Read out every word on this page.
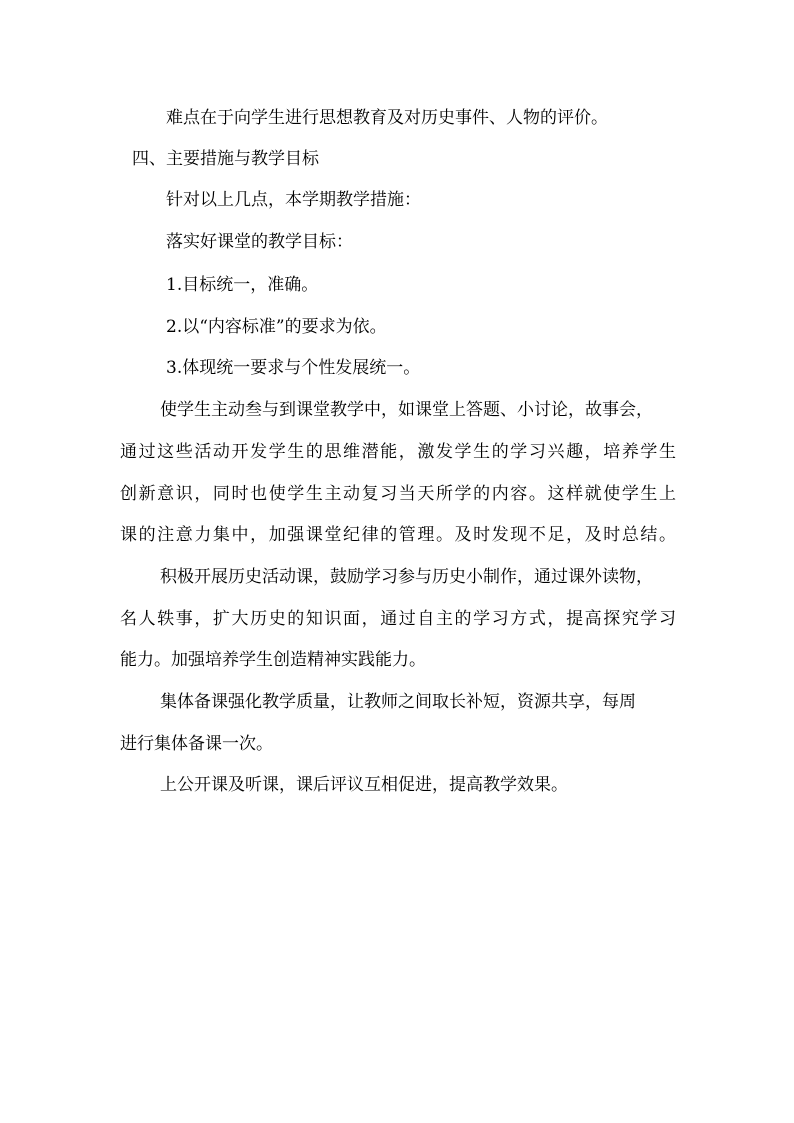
难点在于向学生进行思想教育及对历史事件、人物的评价。

四、主要措施与教学目标

针对以上几点，本学期教学措施：

落实好课堂的教学目标：

1.目标统一，准确。

2.以“内容标准”的要求为依。

3.体现统一要求与个性发展统一。

使学生主动叁与到课堂教学中，如课堂上答题、小讨论，故事会，

通过这些活动开发学生的思维潜能，激发学生的学习兴趣，培养学生

创新意识，同时也使学生主动复习当天所学的内容。这样就使学生上

课的注意力集中，加强课堂纪律的管理。及时发现不足，及时总结。

积极开展历史活动课，鼓励学习参与历史小制作，通过课外读物，

名人轶事，扩大历史的知识面，通过自主的学习方式，提高探究学习

能力。加强培养学生创造精神实践能力。

集体备课强化教学质量，让教师之间取长补短，资源共享，每周

进行集体备课一次。

上公开课及听课，课后评议互相促进，提高教学效果。
